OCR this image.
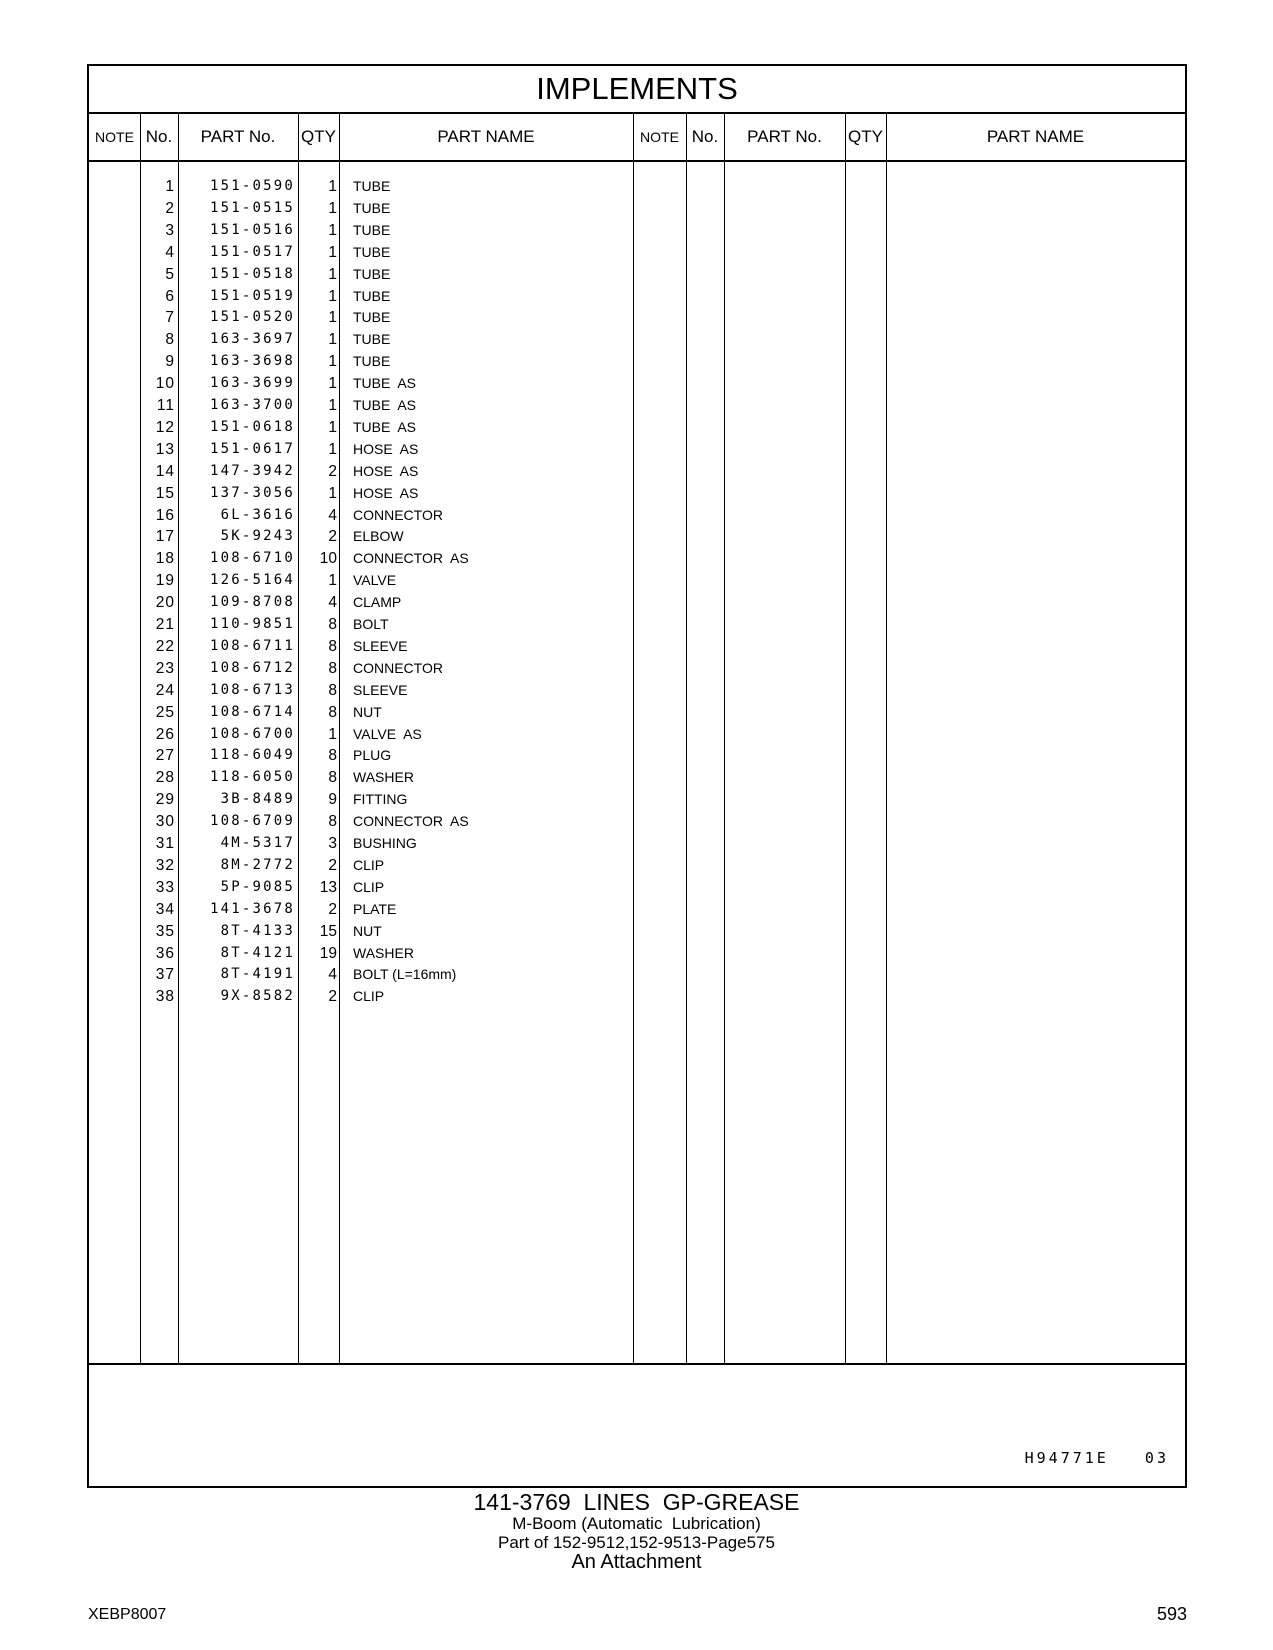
IMPLEMENTS
NOTE No.	PART No.	QTY	PART NAME	NOTE No.	PART No.	QTY	PART NAME
1	151-0590	1 TUBE
2	151-0515	1 TUBE
3	151-0516	1 TUBE
4	151-0517	1 TUBE
5	151-0518	1 TUBE
6	151-0519	1 TUBE
7	151-0520	1 TUBE
8	163-3697	1 TUBE
9	163-3698	1 TUBE
10	163-3699	1 TUBE  AS
11	163-3700	1 TUBE  AS
12	151-0618	1 TUBE  AS
13	151-0617	1 HOSE  AS
14	147-3942	2 HOSE  AS
15	137-3056	1 HOSE  AS
16	6L-3616	4 CONNECTOR
17	5K-9243	2 ELBOW
18	108-6710	10 CONNECTOR  AS
19	126-5164	1 VALVE
20	109-8708	4 CLAMP
21	110-9851	8 BOLT
22	108-6711	8 SLEEVE
23	108-6712	8 CONNECTOR
24	108-6713	8 SLEEVE
25	108-6714	8 NUT
26	108-6700	1 VALVE  AS
27	118-6049	8 PLUG
28	118-6050	8 WASHER
29	3B-8489	9 FITTING
30	108-6709	8 CONNECTOR  AS
31	4M-5317	3 BUSHING
32	8M-2772	2 CLIP
33	5P-9085	13 CLIP
34	141-3678	2 PLATE
35	8T-4133	15 NUT
36	8T-4121	19 WASHER
37	8T-4191	4 BOLT (L=16mm)
38	9X-8582	2 CLIP
H94771E   03
141-3769  LINES  GP-GREASE
M-Boom (Automatic  Lubrication)
Part of 152-9512,152-9513-Page575
An Attachment
XEBP8007	593
